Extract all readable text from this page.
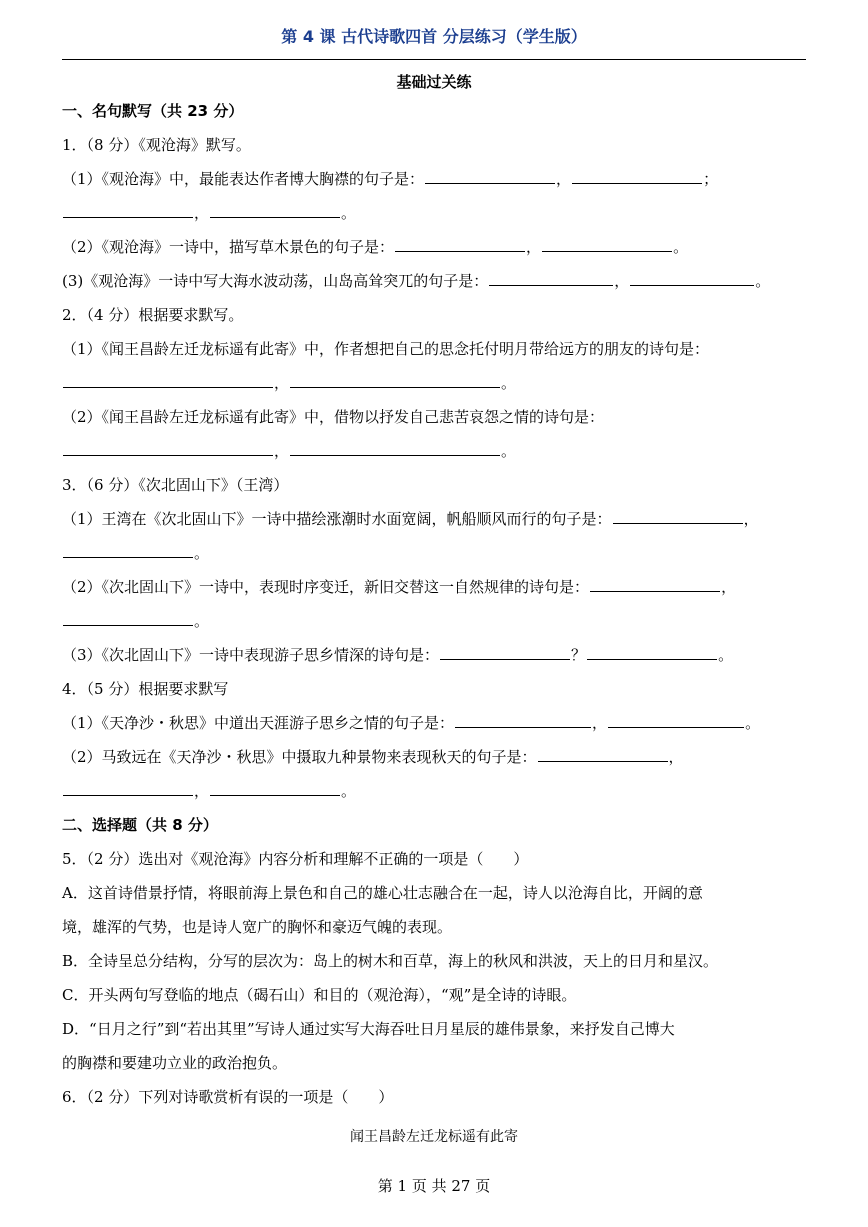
第 4 课 古代诗歌四首 分层练习（学生版）
基础过关练
一、名句默写（共 23 分）
1．（8 分）《观沧海》默写。
（1）《观沧海》中，最能表达作者博大胸襟的句子是：	，	；
，	。
（2）《观沧海》一诗中，描写草木景色的句子是：	，	。
(3)《观沧海》一诗中写大海水波动荡，山岛高耸突兀的句子是：	，	。
2．（4 分）根据要求默写。
（1）《闻王昌龄左迁龙标遥有此寄》中，作者想把自己的思念托付明月带给远方的朋友的诗句是：
，	。
（2）《闻王昌龄左迁龙标遥有此寄》中，借物以抒发自己悲苦哀怨之情的诗句是：
，	。
3．（6 分）《次北固山下》（王湾）
（1）王湾在《次北固山下》一诗中描绘涨潮时水面宽阔，帆船顺风而行的句子是：	，
。
（2）《次北固山下》一诗中，表现时序变迁，新旧交替这一自然规律的诗句是：	，
。
（3）《次北固山下》一诗中表现游子思乡情深的诗句是：	？	。
4．（5 分）根据要求默写
（1）《天净沙・秋思》中道出天涯游子思乡之情的句子是：	，	。
（2）马致远在《天净沙・秋思》中摄取九种景物来表现秋天的句子是：	，
，	。
二、选择题（共 8 分）
5．（2 分）选出对《观沧海》内容分析和理解不正确的一项是（　　）
A．这首诗借景抒情，将眼前海上景色和自己的雄心壮志融合在一起，诗人以沧海自比，开阔的意
境，雄浑的气势，也是诗人宽广的胸怀和豪迈气魄的表现。
B．全诗呈总分结构，分写的层次为：岛上的树木和百草，海上的秋风和洪波，天上的日月和星汉。
C．开头两句写登临的地点（碣石山）和目的（观沧海），“观”是全诗的诗眼。
D．“日月之行”到“若出其里”写诗人通过实写大海吞吐日月星辰的雄伟景象，来抒发自己博大
的胸襟和要建功立业的政治抱负。
6．（2 分）下列对诗歌赏析有误的一项是（　　）
闻王昌龄左迁龙标遥有此寄
第 1 页 共 27 页
